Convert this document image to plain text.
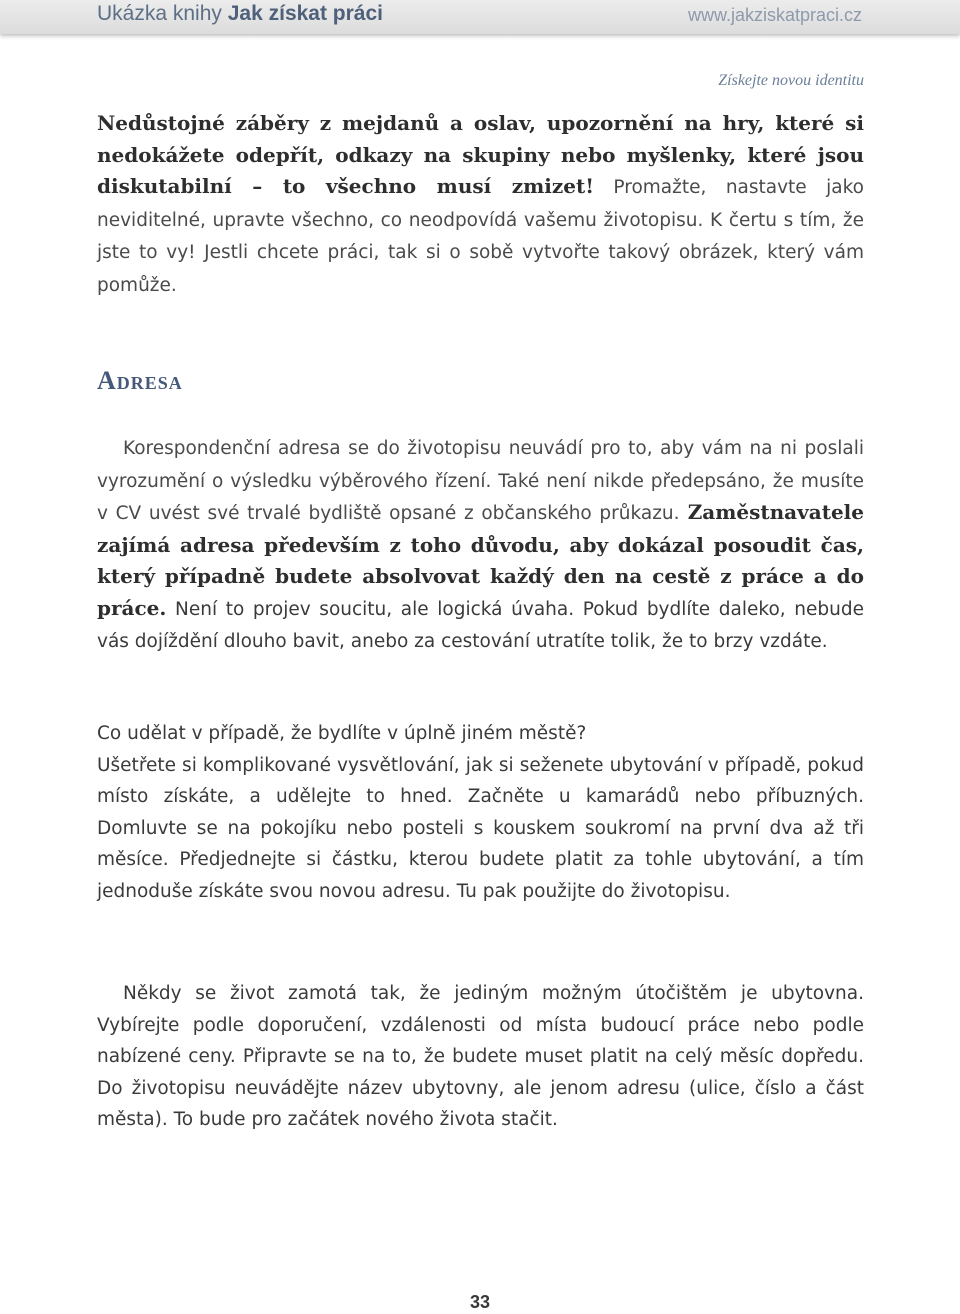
Ukázka knihy Jak získat práci	www.jakziskatpraci.cz
Získejte novou identitu

Nedůstojné záběry z mejdanů a oslav, upozornění na hry, které si nedokážete odepřít, odkazy na skupiny nebo myšlenky, které jsou diskutabilní – to všechno musí zmizet! Promažte, nastavte jako neviditelné, upravte všechno, co neodpovídá vašemu životopisu. K čertu s tím, že jste to vy! Jestli chcete práci, tak si o sobě vytvořte takový obrázek, který vám pomůže.

Adresa

Korespondenční adresa se do životopisu neuvádí pro to, aby vám na ni poslali vyrozumění o výsledku výběrového řízení. Také není nikde předepsáno, že musíte v CV uvést své trvalé bydliště opsané z občanského průkazu. Zaměstnavatele zajímá adresa především z toho důvodu, aby dokázal posoudit čas, který případně budete absolvovat každý den na cestě z práce a do práce. Není to projev soucitu, ale logická úvaha. Pokud bydlíte daleko, nebude vás dojíždění dlouho bavit, anebo za cestování utratíte tolik, že to brzy vzdáte.

Co udělat v případě, že bydlíte v úplně jiném městě?

Ušetřete si komplikované vysvětlování, jak si seženete ubytování v případě, pokud místo získáte, a udělejte to hned. Začněte u kamarádů nebo příbuzných. Domluvte se na pokojíku nebo posteli s kouskem soukromí na první dva až tři měsíce. Předjednejte si částku, kterou budete platit za tohle ubytování, a tím jednoduše získáte svou novou adresu. Tu pak použijte do životopisu.

Někdy se život zamotá tak, že jediným možným útočištěm je ubytovna. Vybírejte podle doporučení, vzdálenosti od místa budoucí práce nebo podle nabízené ceny. Připravte se na to, že budete muset platit na celý měsíc dopředu. Do životopisu neuvádějte název ubytovny, ale jenom adresu (ulice, číslo a část města). To bude pro začátek nového života stačit.

33
